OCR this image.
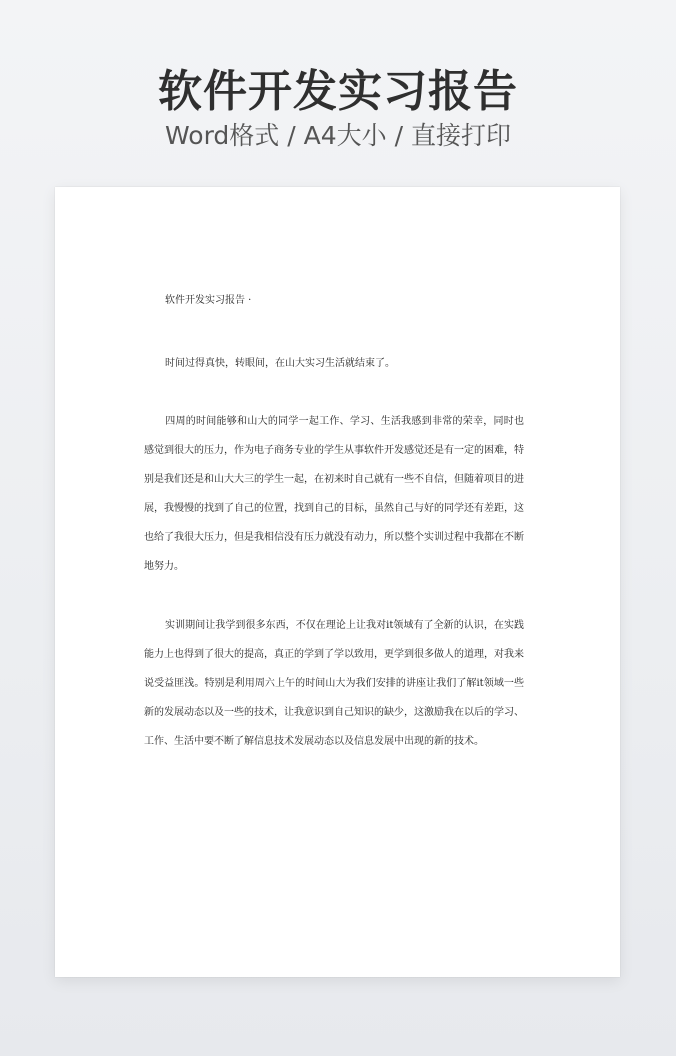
软件开发实习报告
Word格式 / A4大小 / 直接打印

软件开发实习报告 ·

时间过得真快，转眼间，在山大实习生活就结束了。

四周的时间能够和山大的同学一起工作、学习、生活我感到非常的荣幸，同时也感觉到很大的压力，作为电子商务专业的学生从事软件开发感觉还是有一定的困难，特别是我们还是和山大大三的学生一起，在初来时自己就有一些不自信，但随着项目的进展，我慢慢的找到了自己的位置，找到自己的目标，虽然自己与好的同学还有差距，这也给了我很大压力，但是我相信没有压力就没有动力，所以整个实训过程中我都在不断地努力。

实训期间让我学到很多东西，不仅在理论上让我对it领域有了全新的认识，在实践能力上也得到了很大的提高，真正的学到了学以致用，更学到很多做人的道理，对我来说受益匪浅。特别是利用周六上午的时间山大为我们安排的讲座让我们了解it领域一些新的发展动态以及一些的技术，让我意识到自己知识的缺少，这激励我在以后的学习、工作、生活中要不断了解信息技术发展动态以及信息发展中出现的新的技术。
